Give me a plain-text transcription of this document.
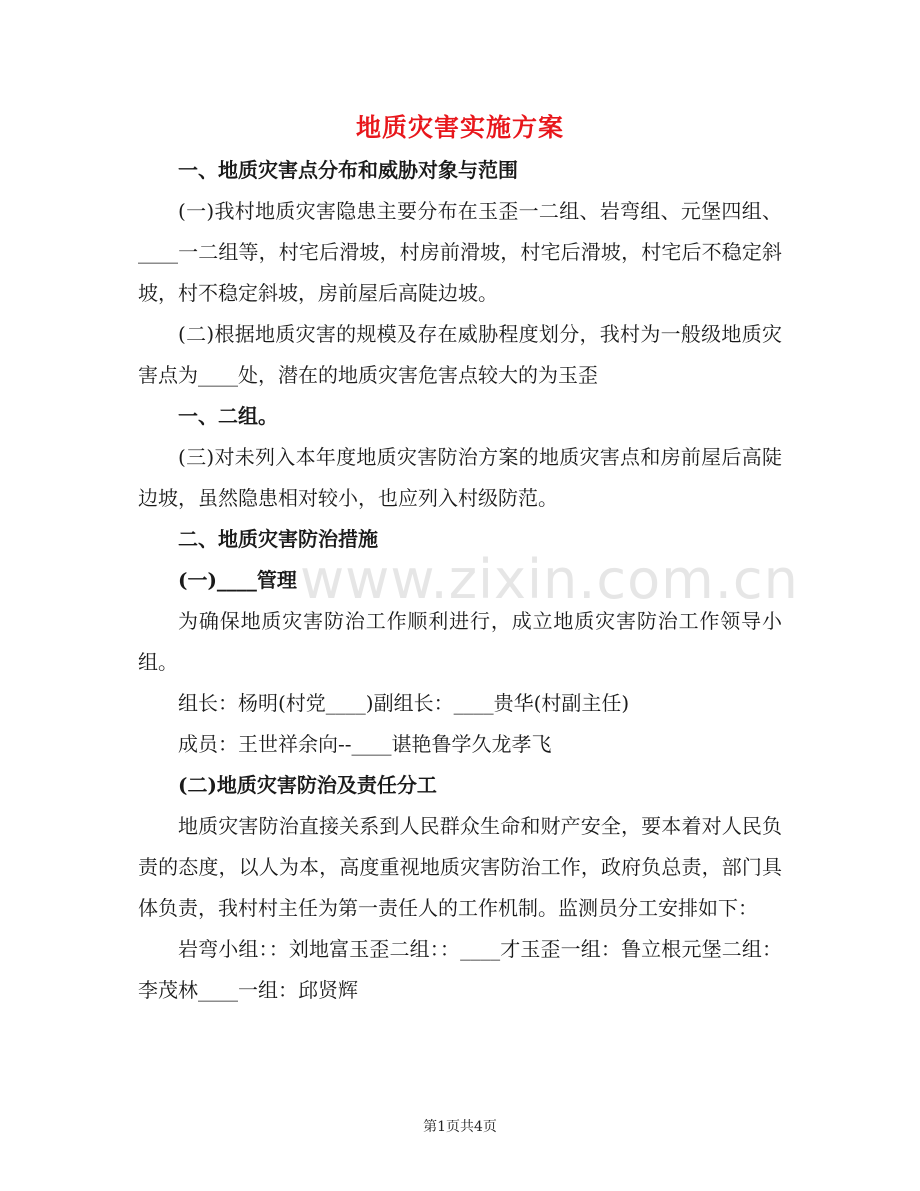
www.zixin.com.cn
地质灾害实施方案

一、地质灾害点分布和威胁对象与范围

(一)我村地质灾害隐患主要分布在玉歪一二组、岩弯组、元堡四组、____一二组等，村宅后滑坡，村房前滑坡，村宅后滑坡，村宅后不稳定斜坡，村不稳定斜坡，房前屋后高陡边坡。

(二)根据地质灾害的规模及存在威胁程度划分，我村为一般级地质灾害点为____处，潜在的地质灾害危害点较大的为玉歪

一、二组。

(三)对未列入本年度地质灾害防治方案的地质灾害点和房前屋后高陡边坡，虽然隐患相对较小，也应列入村级防范。

二、地质灾害防治措施

(一)____管理

为确保地质灾害防治工作顺利进行，成立地质灾害防治工作领导小组。

组长：杨明(村党____)副组长：____贵华(村副主任)

成员：王世祥余向--____谌艳鲁学久龙孝飞

(二)地质灾害防治及责任分工

地质灾害防治直接关系到人民群众生命和财产安全，要本着对人民负责的态度，以人为本，高度重视地质灾害防治工作，政府负总责，部门具体负责，我村村主任为第一责任人的工作机制。监测员分工安排如下：

岩弯小组：：刘地富玉歪二组：：____才玉歪一组：鲁立根元堡二组：李茂林____一组：邱贤辉

第1页共4页
